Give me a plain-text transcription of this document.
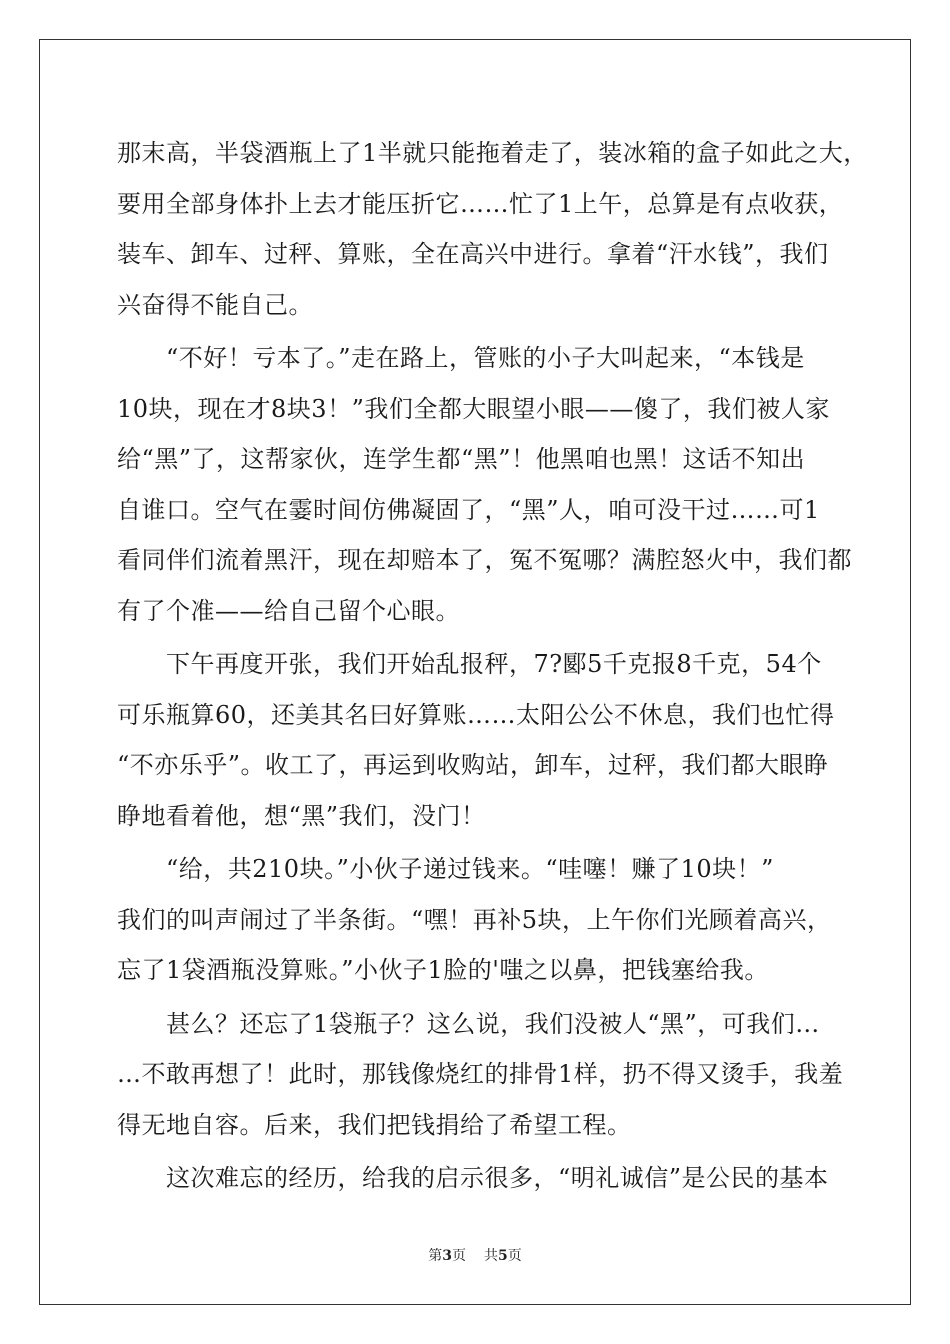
那末高，半袋酒瓶上了1半就只能拖着走了，装冰箱的盒子如此之大，
要用全部身体扑上去才能压折它……忙了1上午，总算是有点收获，
装车、卸车、过秤、算账，全在高兴中进行。拿着“汗水钱”，我们
兴奋得不能自己。
　　“不好！亏本了。”走在路上，管账的小子大叫起来，“本钱是
10块，现在才8块3！”我们全都大眼望小眼——傻了，我们被人家
给“黑”了，这帮家伙，连学生都“黑”！他黑咱也黑！这话不知出
自谁口。空气在霎时间仿佛凝固了，“黑”人，咱可没干过……可1
看同伴们流着黑汗，现在却赔本了，冤不冤哪？满腔怒火中，我们都
有了个准——给自己留个心眼。
　　下午再度开张，我们开始乱报秤，7?郾5千克报8千克，54个
可乐瓶算60，还美其名曰好算账……太阳公公不休息，我们也忙得
“不亦乐乎”。收工了，再运到收购站，卸车，过秤，我们都大眼睁
睁地看着他，想“黑”我们，没门！
　　“给，共210块。”小伙子递过钱来。“哇噻！赚了10块！”
我们的叫声闹过了半条街。“嘿！再补5块，上午你们光顾着高兴，
忘了1袋酒瓶没算账。”小伙子1脸的'嗤之以鼻，把钱塞给我。
　　甚么？还忘了1袋瓶子？这么说，我们没被人“黑”，可我们…
…不敢再想了！此时，那钱像烧红的排骨1样，扔不得又烫手，我羞
得无地自容。后来，我们把钱捐给了希望工程。
　　这次难忘的经历，给我的启示很多，“明礼诚信”是公民的基本
第3页 共5页
